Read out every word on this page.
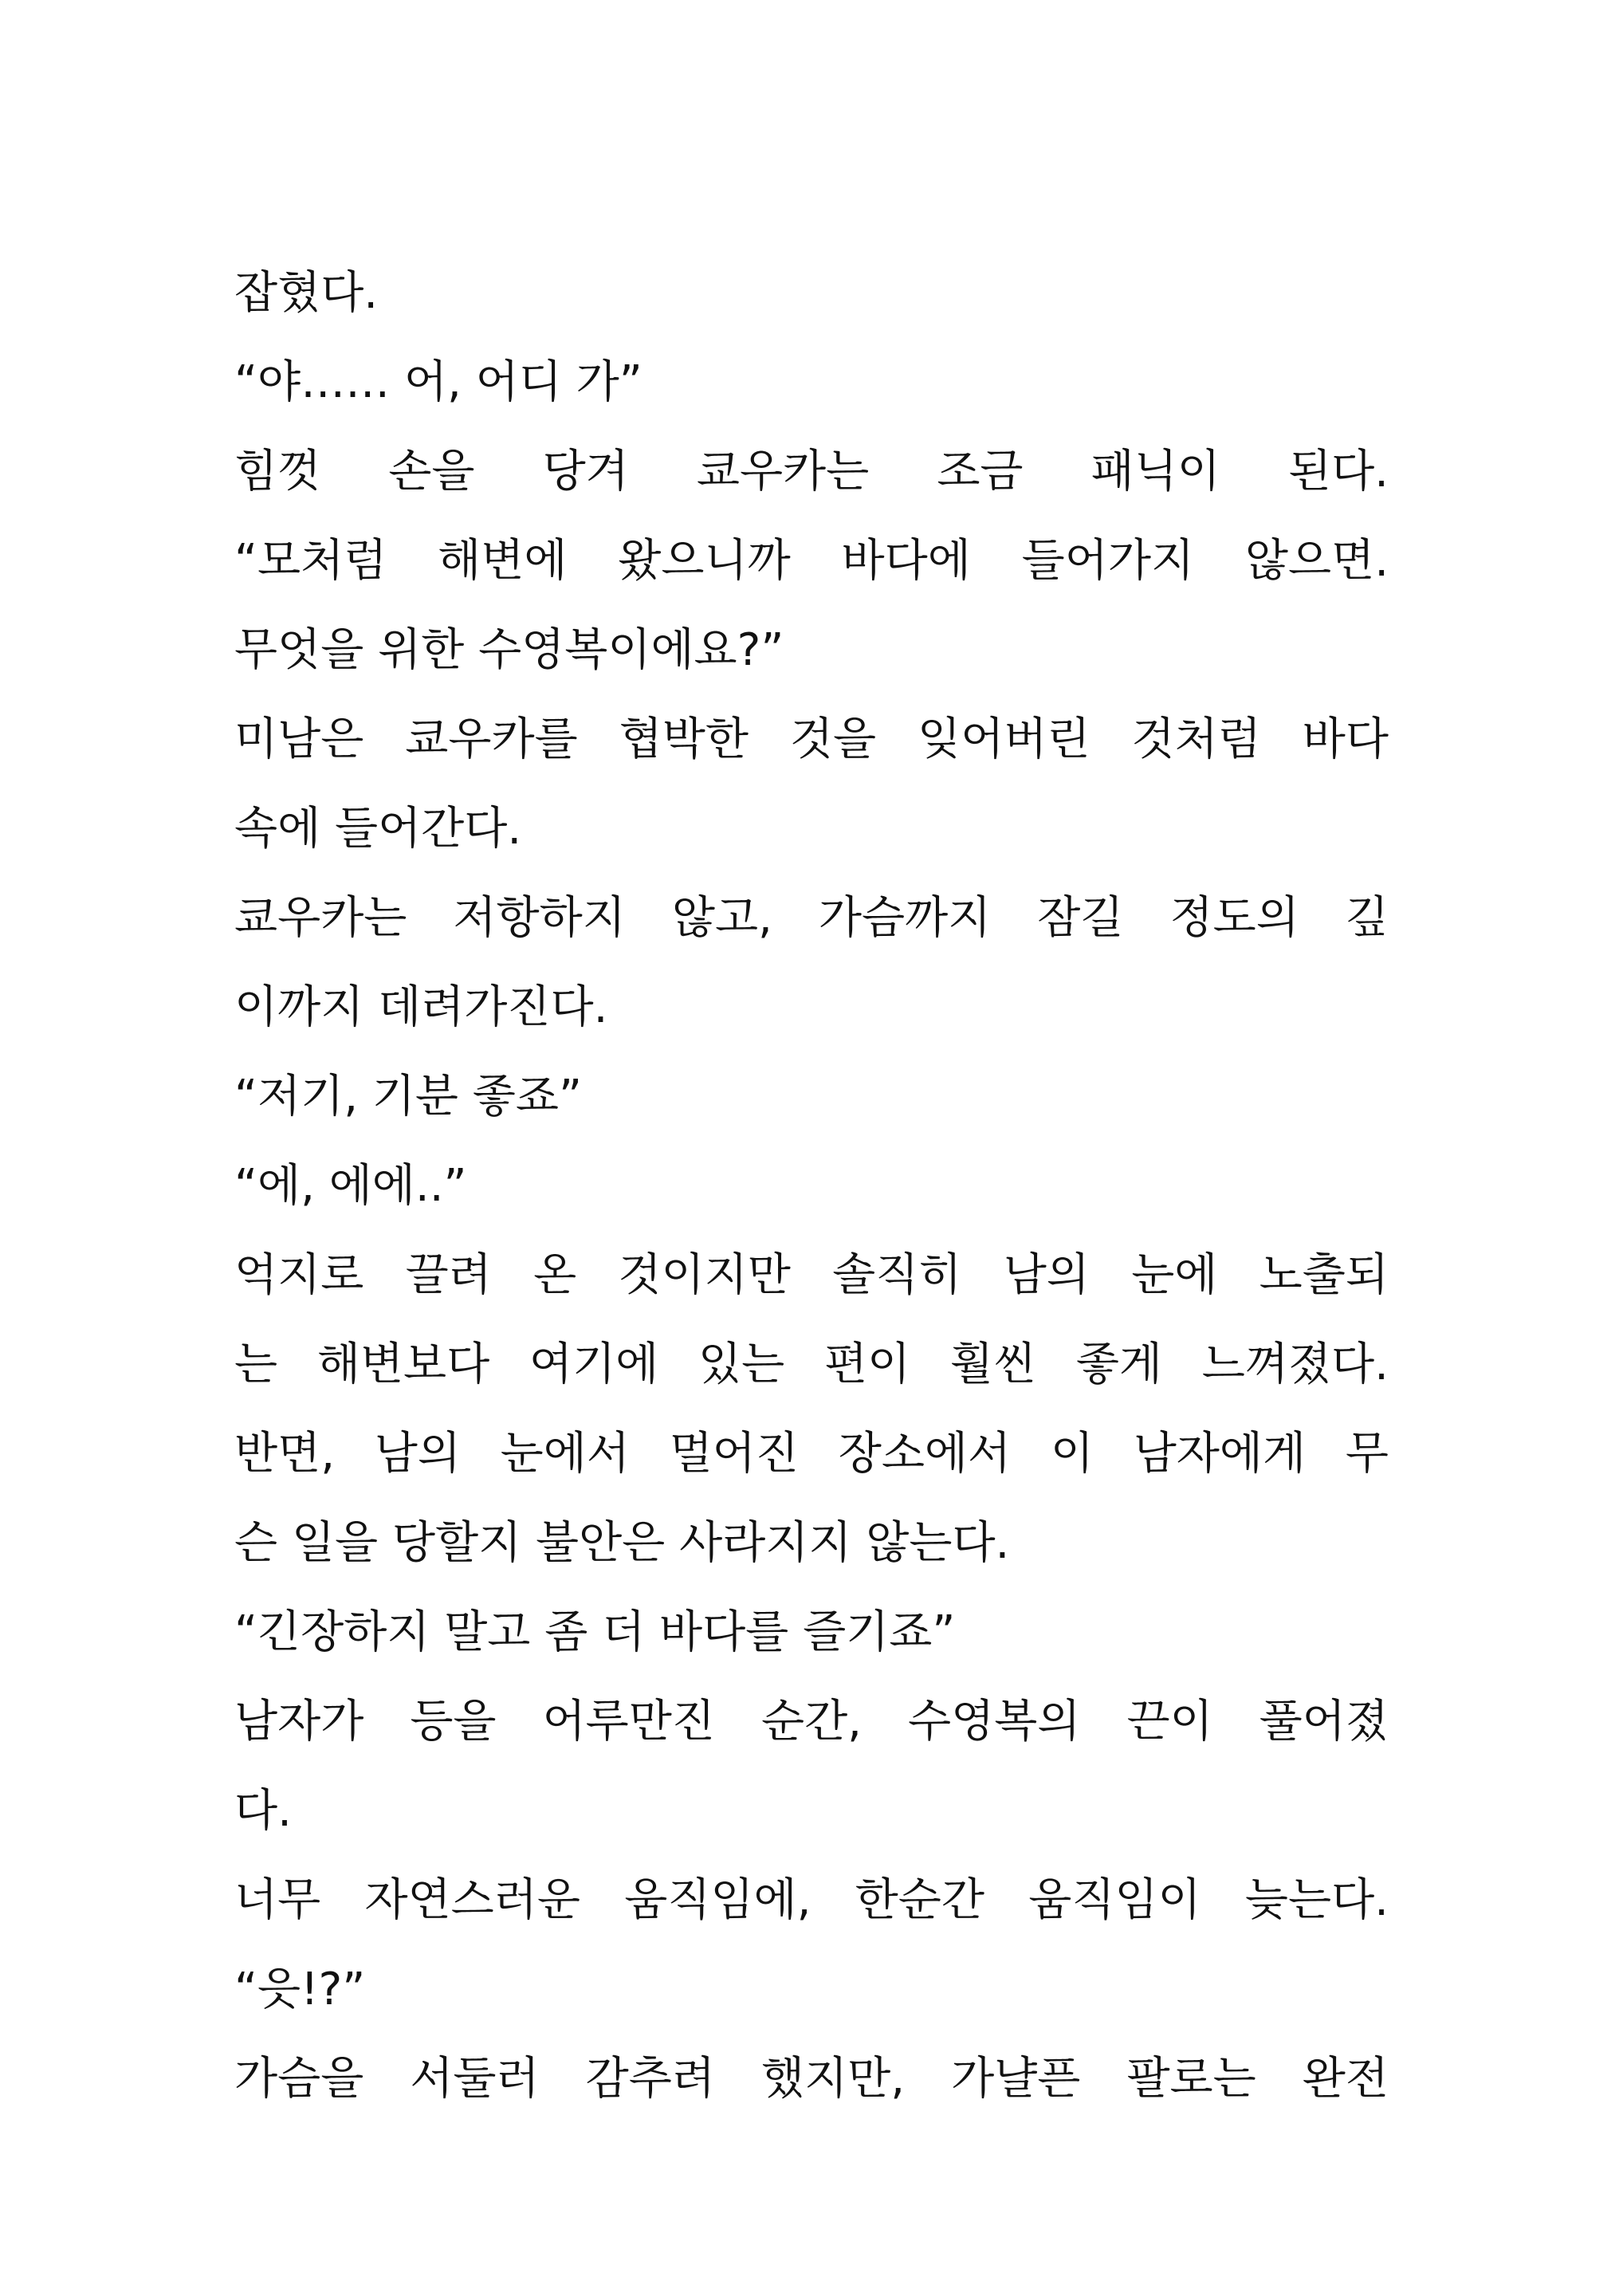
잡혔다.
“야…… 어, 어디 가”
힘껏 손을 당겨 쿄우카는 조금 패닉이 된다.
“모처럼 해변에 왔으니까 바다에 들어가지 않으면.
무엇을 위한 수영복이에요?”
미남은 쿄우카를 협박한 것을 잊어버린 것처럼 바다
속에 들어간다.
쿄우카는 저항하지 않고, 가슴까지 잠길 정도의 깊
이까지 데려가진다.
“저기, 기분 좋죠”
“에, 에에..”
억지로 끌려 온 것이지만 솔직히 남의 눈에 노출되
는 해변보다 여기에 있는 편이 훨씬 좋게 느껴졌다.
반면, 남의 눈에서 멀어진 장소에서 이 남자에게 무
슨 일을 당할지 불안은 사라지지 않는다.
“긴장하지 말고 좀 더 바다를 즐기죠”
남자가 등을 어루만진 순간, 수영복의 끈이 풀어졌
다.
너무 자연스러운 움직임에, 한순간 움직임이 늦는다.
“읏!?”
가슴을 서둘러 감추려 했지만, 가냘픈 팔로는 완전
